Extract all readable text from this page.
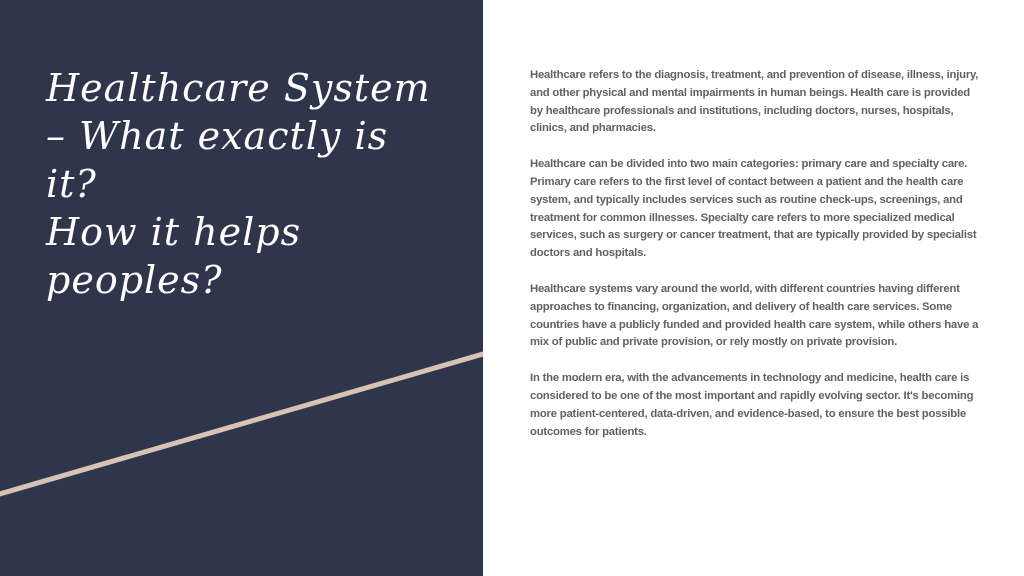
Healthcare System
– What exactly is
it?
How it helps
peoples?

Healthcare refers to the diagnosis, treatment, and prevention of disease, illness, injury, and other physical and mental impairments in human beings. Health care is provided by healthcare professionals and institutions, including doctors, nurses, hospitals, clinics, and pharmacies.

Healthcare can be divided into two main categories: primary care and specialty care. Primary care refers to the first level of contact between a patient and the health care system, and typically includes services such as routine check-ups, screenings, and treatment for common illnesses. Specialty care refers to more specialized medical services, such as surgery or cancer treatment, that are typically provided by specialist doctors and hospitals.

Healthcare systems vary around the world, with different countries having different approaches to financing, organization, and delivery of health care services. Some countries have a publicly funded and provided health care system, while others have a mix of public and private provision, or rely mostly on private provision.

In the modern era, with the advancements in technology and medicine, health care is considered to be one of the most important and rapidly evolving sector. It's becoming more patient-centered, data-driven, and evidence-based, to ensure the best possible outcomes for patients.
